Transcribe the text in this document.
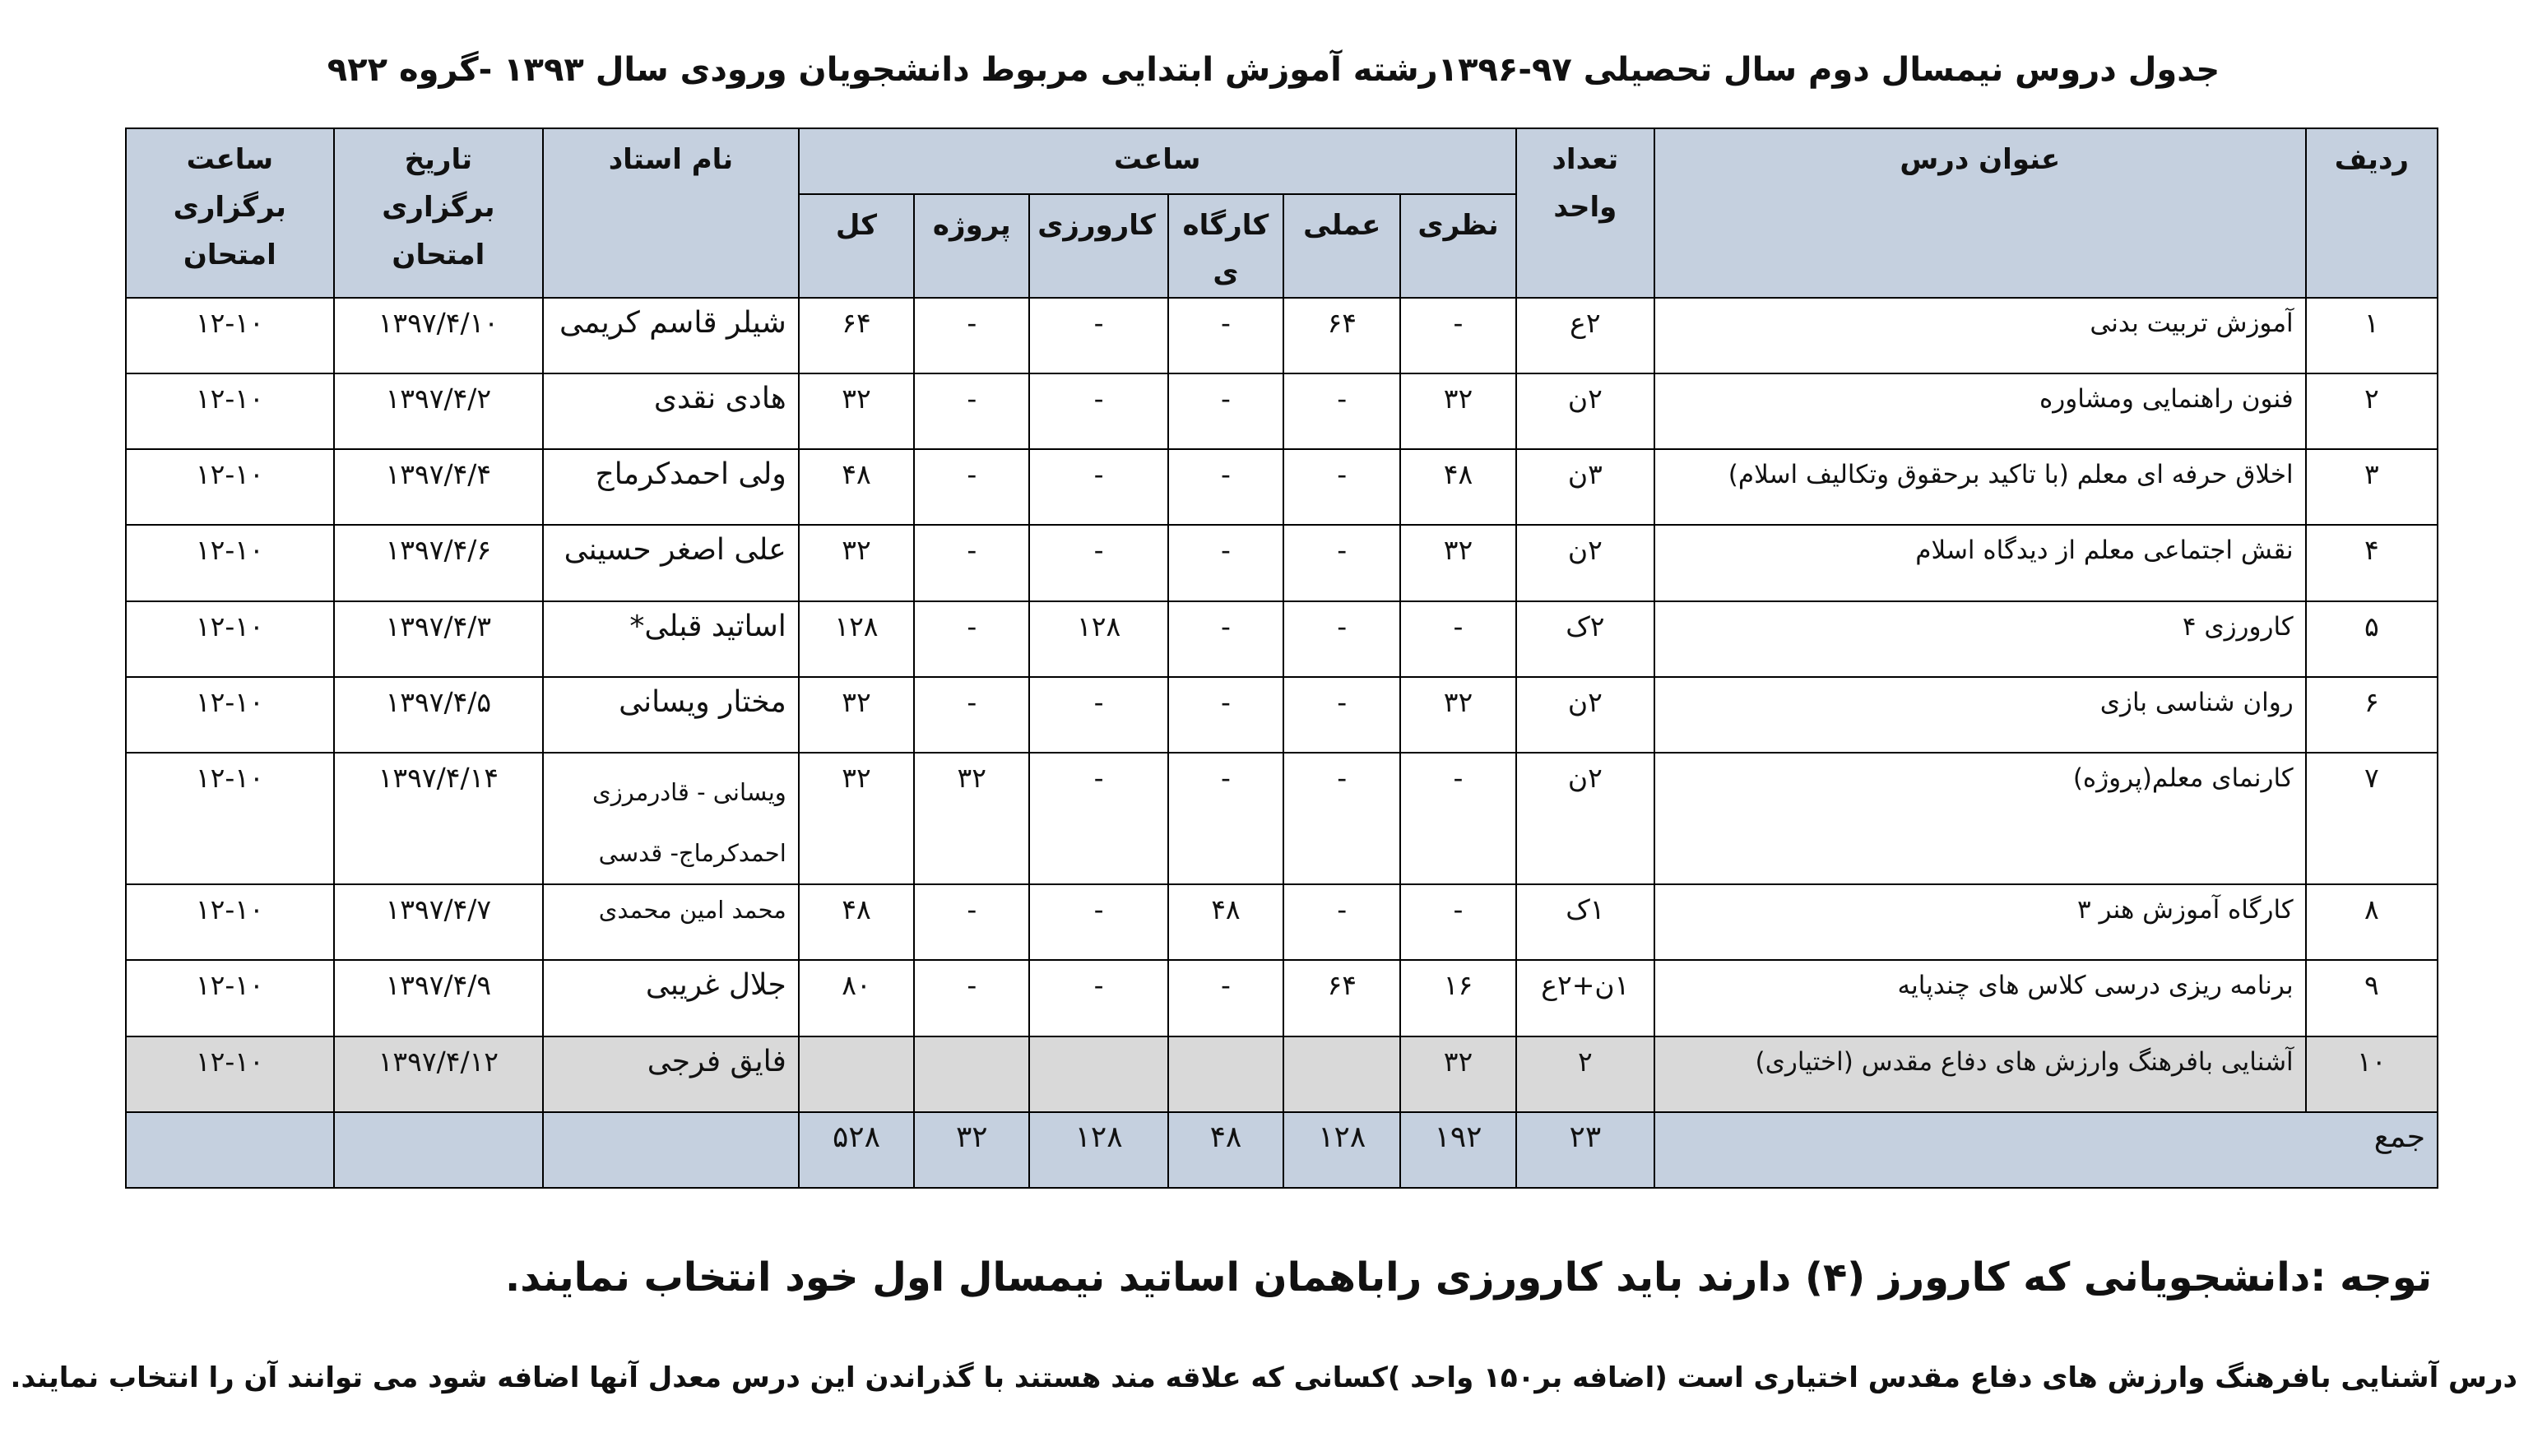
جدول دروس نیمسال دوم سال تحصیلی ۹۷-۱۳۹۶رشته آموزش ابتدایی مربوط دانشجویان ورودی سال ۱۳۹۳ -گروه ۹۲۲
ردیف	عنوان درس	تعداد واحد	ساعت						نام استاد	تاریخ برگزاری امتحان	ساعت برگزاری امتحان
			نظری	عملی	کارگاه ی	کارورزی	پروژه	کل			
۱	آموزش تربیت بدنی	۲ع	-	۶۴	-	-	-	۶۴	شیلر قاسم کریمی	۱۳۹۷/۴/۱۰	۱۲-۱۰
۲	فنون راهنمایی ومشاوره	۲ن	۳۲	-	-	-	-	۳۲	هادی نقدی	۱۳۹۷/۴/۲	۱۲-۱۰
۳	اخلاق حرفه ای معلم (با تاکید برحقوق وتکالیف اسلام)	۳ن	۴۸	-	-	-	-	۴۸	ولی احمدکرماج	۱۳۹۷/۴/۴	۱۲-۱۰
۴	نقش اجتماعی معلم از دیدگاه اسلام	۲ن	۳۲	-	-	-	-	۳۲	علی اصغر حسینی	۱۳۹۷/۴/۶	۱۲-۱۰
۵	کارورزی ۴	۲ک	-	-	-	۱۲۸	-	۱۲۸	اساتید قبلی*	۱۳۹۷/۴/۳	۱۲-۱۰
۶	روان شناسی بازی	۲ن	۳۲	-	-	-	-	۳۲	مختار ویسانی	۱۳۹۷/۴/۵	۱۲-۱۰
۷	کارنمای معلم(پروژه)	۲ن	-	-	-	-	۳۲	۳۲	ویسانی - قادرمرزی احمدکرماج- قدسی	۱۳۹۷/۴/۱۴	۱۲-۱۰
۸	کارگاه آموزش هنر ۳	۱ک	-	-	۴۸	-	-	۴۸	محمد امین محمدی	۱۳۹۷/۴/۷	۱۲-۱۰
۹	برنامه ریزی درسی کلاس های چندپایه	۱ن+۲ع	۱۶	۶۴	-	-	-	۸۰	جلال غریبی	۱۳۹۷/۴/۹	۱۲-۱۰
۱۰	آشنایی بافرهنگ وارزش های دفاع مقدس (اختیاری)	۲	۳۲						فایق فرجی	۱۳۹۷/۴/۱۲	۱۲-۱۰
جمع		۲۳	۱۹۲	۱۲۸	۴۸	۱۲۸	۳۲	۵۲۸			
توجه :دانشجویانی که کارورز (۴) دارند باید کارورزی راباهمان اساتید نیمسال اول خود انتخاب نمایند.
درس آشنایی بافرهنگ وارزش های دفاع مقدس اختیاری است (اضافه بر۱۵۰ واحد )کسانی که علاقه مند هستند با گذراندن این درس معدل آنها اضافه شود می توانند آن را انتخاب نمایند.
